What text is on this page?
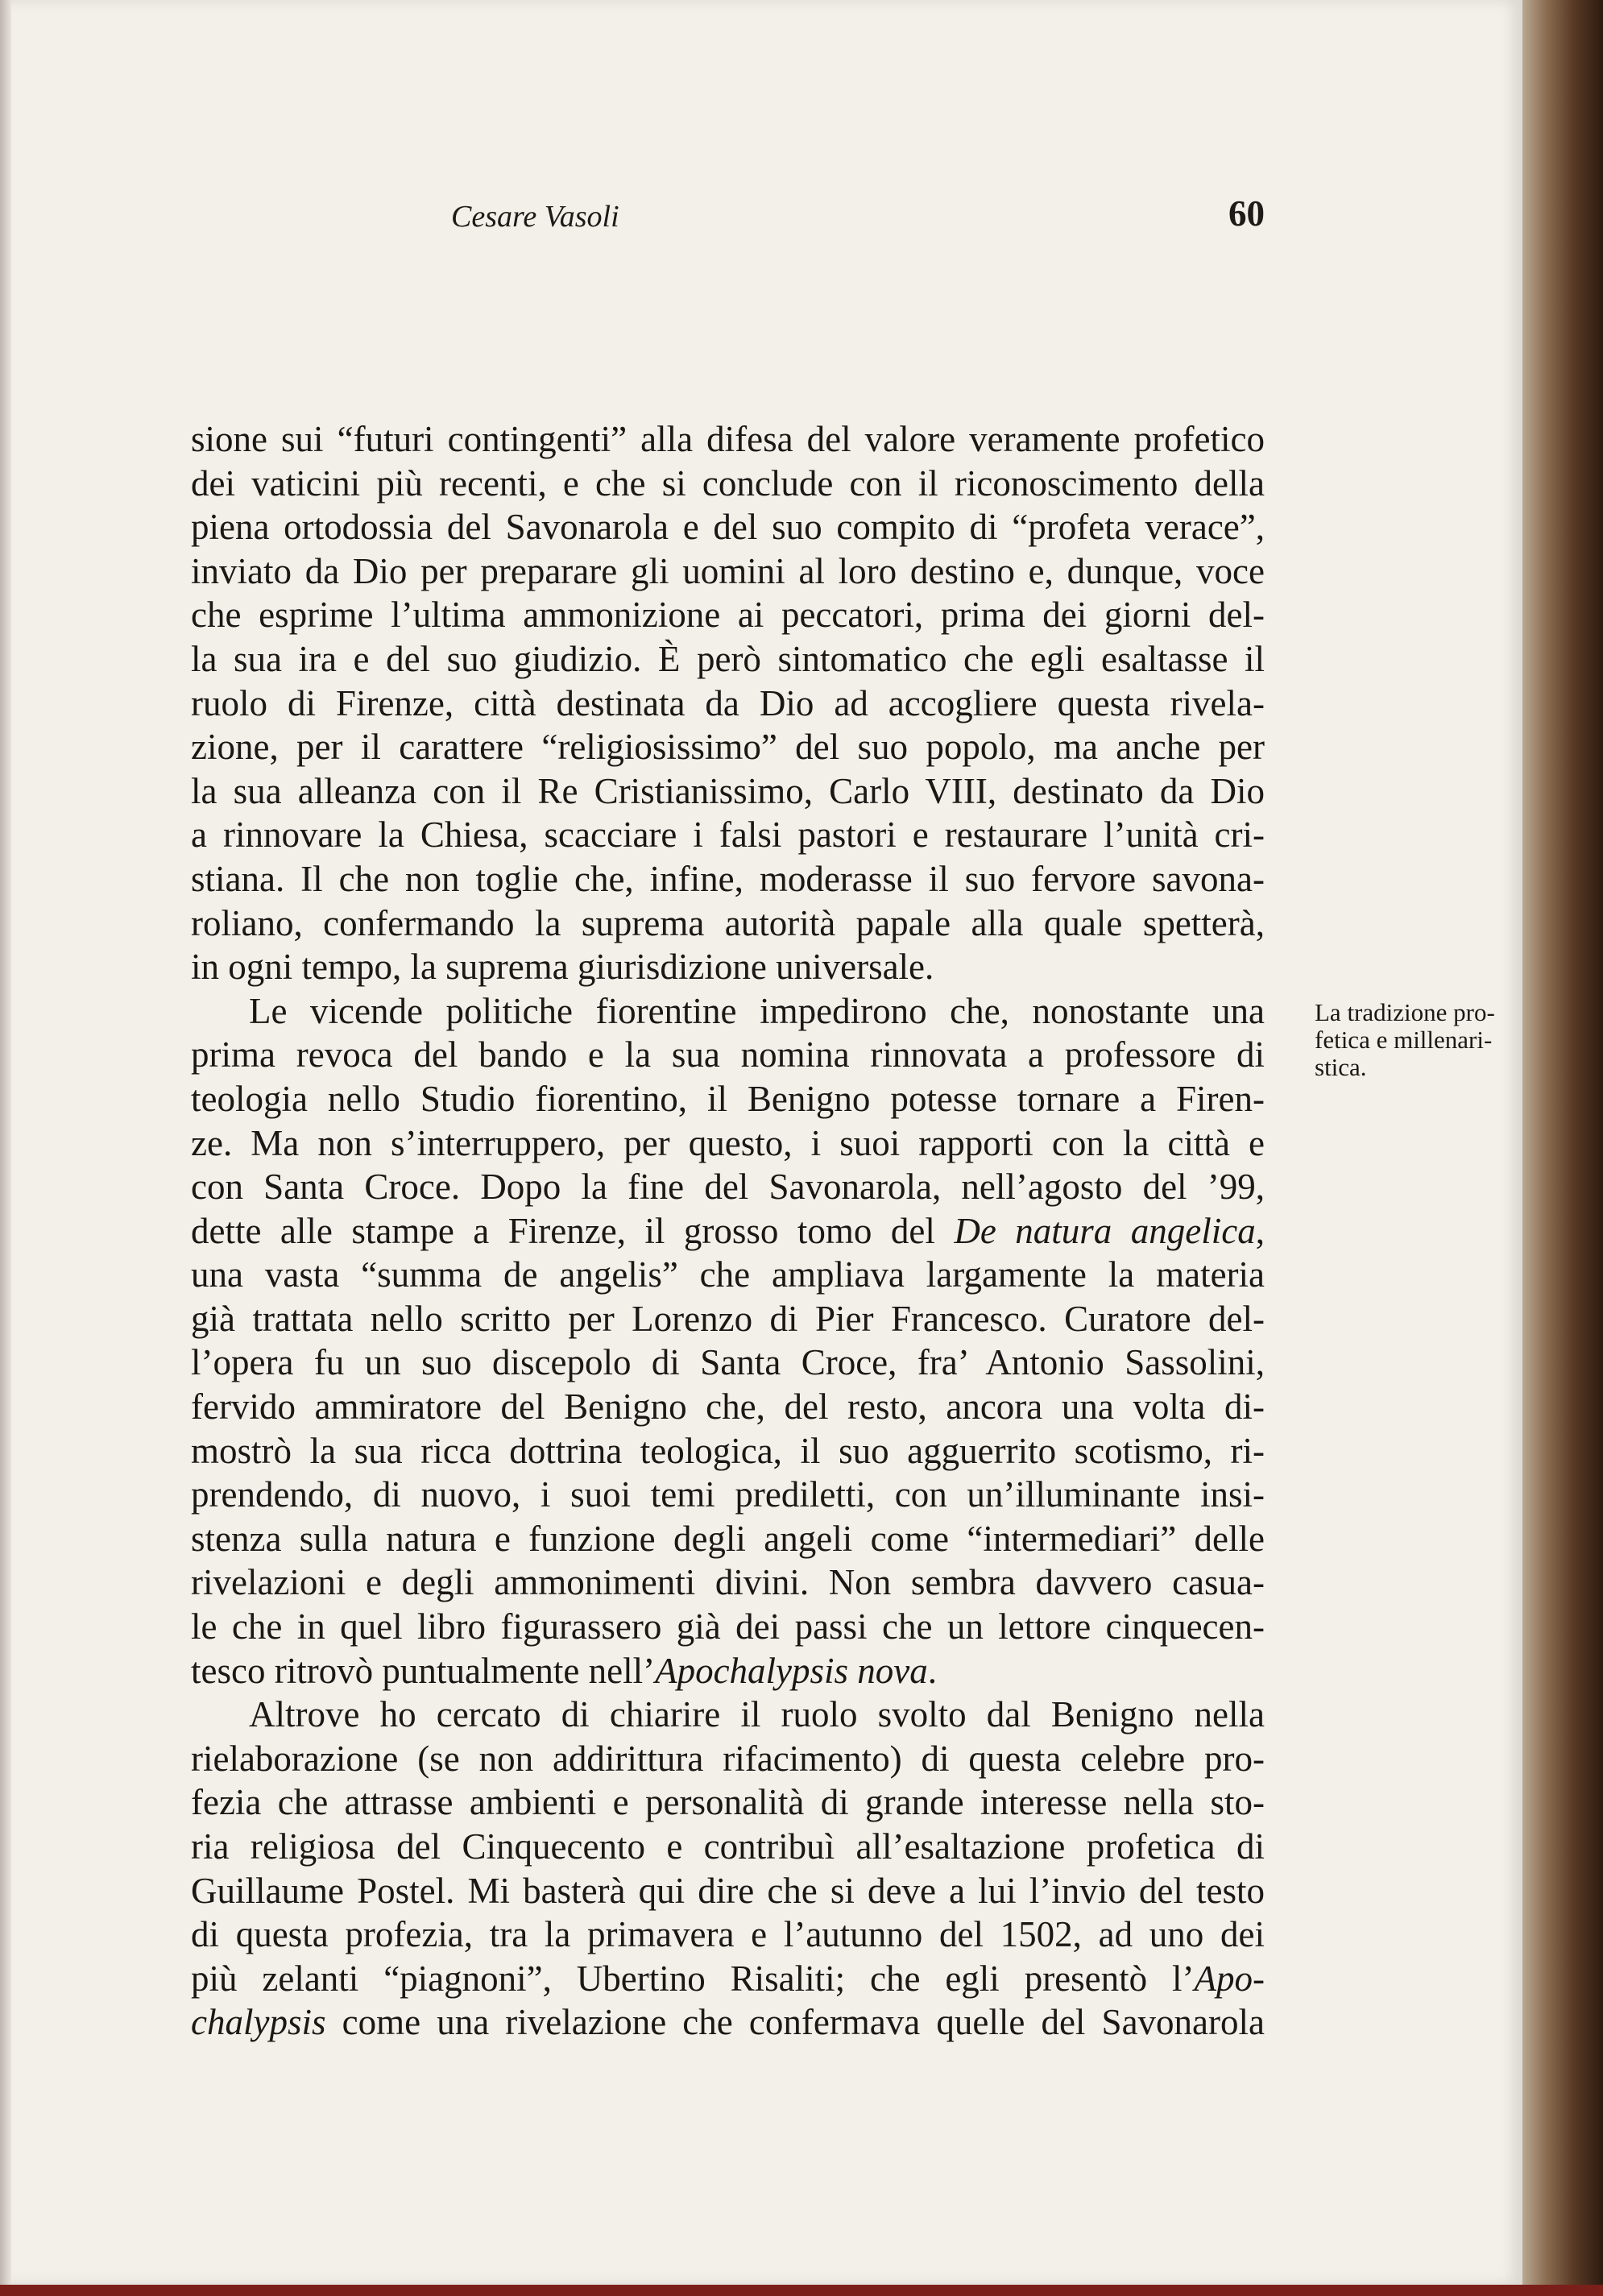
Cesare Vasoli	60
sione sui “futuri contingenti” alla difesa del valore veramente profetico
dei vaticini più recenti, e che si conclude con il riconoscimento della
piena ortodossia del Savonarola e del suo compito di “profeta verace”,
inviato da Dio per preparare gli uomini al loro destino e, dunque, voce
che esprime l’ultima ammonizione ai peccatori, prima dei giorni del-
la sua ira e del suo giudizio. È però sintomatico che egli esaltasse il
ruolo di Firenze, città destinata da Dio ad accogliere questa rivela-
zione, per il carattere “religiosissimo” del suo popolo, ma anche per
la sua alleanza con il Re Cristianissimo, Carlo VIII, destinato da Dio
a rinnovare la Chiesa, scacciare i falsi pastori e restaurare l’unità cri-
stiana. Il che non toglie che, infine, moderasse il suo fervore savona-
roliano, confermando la suprema autorità papale alla quale spetterà,
in ogni tempo, la suprema giurisdizione universale.
Le vicende politiche fiorentine impedirono che, nonostante una
prima revoca del bando e la sua nomina rinnovata a professore di
teologia nello Studio fiorentino, il Benigno potesse tornare a Firen-
ze. Ma non s’interruppero, per questo, i suoi rapporti con la città e
con Santa Croce. Dopo la fine del Savonarola, nell’agosto del ’99,
dette alle stampe a Firenze, il grosso tomo del De natura angelica,
una vasta “summa de angelis” che ampliava largamente la materia
già trattata nello scritto per Lorenzo di Pier Francesco. Curatore del-
l’opera fu un suo discepolo di Santa Croce, fra’ Antonio Sassolini,
fervido ammiratore del Benigno che, del resto, ancora una volta di-
mostrò la sua ricca dottrina teologica, il suo agguerrito scotismo, ri-
prendendo, di nuovo, i suoi temi prediletti, con un’illuminante insi-
stenza sulla natura e funzione degli angeli come “intermediari” delle
rivelazioni e degli ammonimenti divini. Non sembra davvero casua-
le che in quel libro figurassero già dei passi che un lettore cinquecen-
tesco ritrovò puntualmente nell’Apochalypsis nova.
Altrove ho cercato di chiarire il ruolo svolto dal Benigno nella
rielaborazione (se non addirittura rifacimento) di questa celebre pro-
fezia che attrasse ambienti e personalità di grande interesse nella sto-
ria religiosa del Cinquecento e contribuì all’esaltazione profetica di
Guillaume Postel. Mi basterà qui dire che si deve a lui l’invio del testo
di questa profezia, tra la primavera e l’autunno del 1502, ad uno dei
più zelanti “piagnoni”, Ubertino Risaliti; che egli presentò l’Apo-
chalypsis come una rivelazione che confermava quelle del Savonarola
La tradizione pro-
fetica e millenari-
stica.
